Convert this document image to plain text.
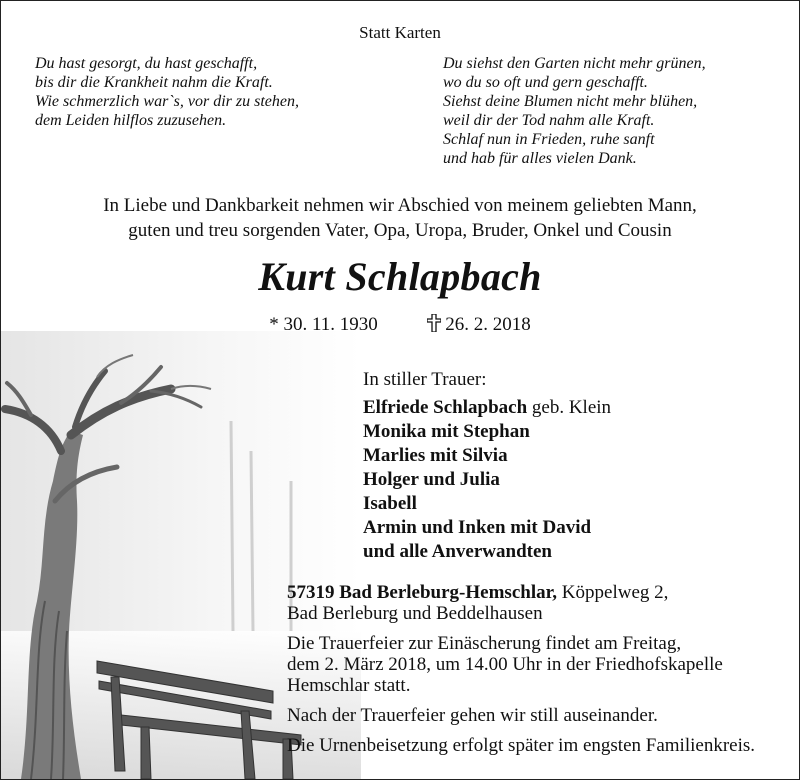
Statt Karten
Du hast gesorgt, du hast geschafft,
bis dir die Krankheit nahm die Kraft.
Wie schmerzlich war`s, vor dir zu stehen,
dem Leiden hilflos zuzusehen.
Du siehst den Garten nicht mehr grünen,
wo du so oft und gern geschafft.
Siehst deine Blumen nicht mehr blühen,
weil dir der Tod nahm alle Kraft.
Schlaf nun in Frieden, ruhe sanft
und hab für alles vielen Dank.
In Liebe und Dankbarkeit nehmen wir Abschied von meinem geliebten Mann,
guten und treu sorgenden Vater, Opa, Uropa, Bruder, Onkel und Cousin
Kurt Schlapbach
* 30. 11. 1930	26. 2. 2018
In stiller Trauer:
Elfriede Schlapbach geb. Klein
Monika mit Stephan
Marlies mit Silvia
Holger und Julia
Isabell
Armin und Inken mit David
und alle Anverwandten

57319 Bad Berleburg-Hemschlar, Köppelweg 2,

Bad Berleburg und Beddelhausen

Die Trauerfeier zur Einäscherung findet am Freitag,

dem 2. März 2018, um 14.00 Uhr in der Friedhofskapelle

Hemschlar statt.

Nach der Trauerfeier gehen wir still auseinander.

Die Urnenbeisetzung erfolgt später im engsten Familienkreis.
